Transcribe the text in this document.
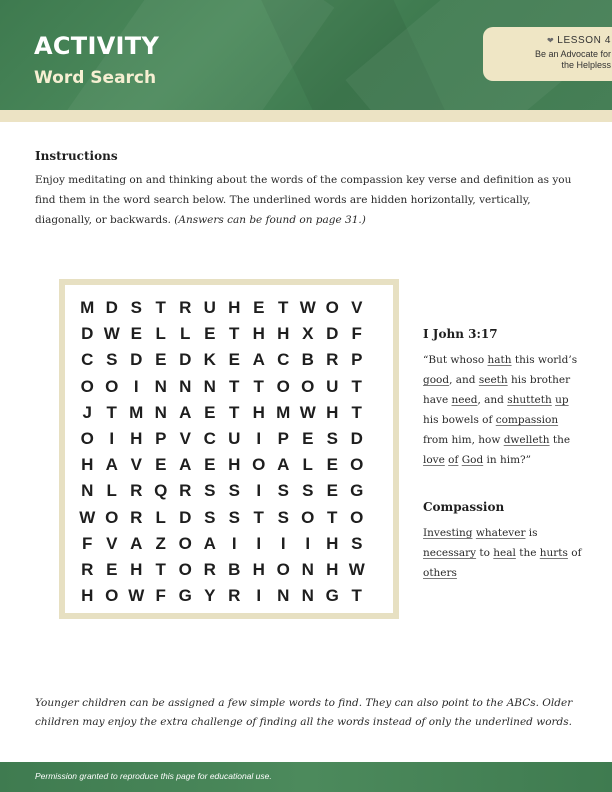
ACTIVITY
Word Search
❤ LESSON 4
Be an Advocate for
the Helpless
Instructions
Enjoy meditating on and thinking about the words of the compassion key verse and definition as you find them in the word search below. The underlined words are hidden horizontally, vertically, diagonally, or backwards. (Answers can be found on page 31.)
M D S T R U H E T W O V
D W E L L E T H H X D F
C S D E D K E A C B R P
O O I N N N T T O O U T
J T M N A E T H M W H T
O I H P V C U I P E S D
H A V E A E H O A L E O
N L R Q R S S I S S E G
W O R L D S S T S O T O
F V A Z O A I	I	I	I H S
R E H T O R B H O N H W
H O W F G Y R I N N G T
I John 3:17
“But whoso hath this world’s good, and seeth his brother have need, and shutteth up his bowels of compassion from him, how dwelleth the love of God in him?”
Compassion
Investing whatever is necessary to heal the hurts of others
Younger children can be assigned a few simple words to find. They can also point to the ABCs. Older children may enjoy the extra challenge of finding all the words instead of only the underlined words.
Permission granted to reproduce this page for educational use.
